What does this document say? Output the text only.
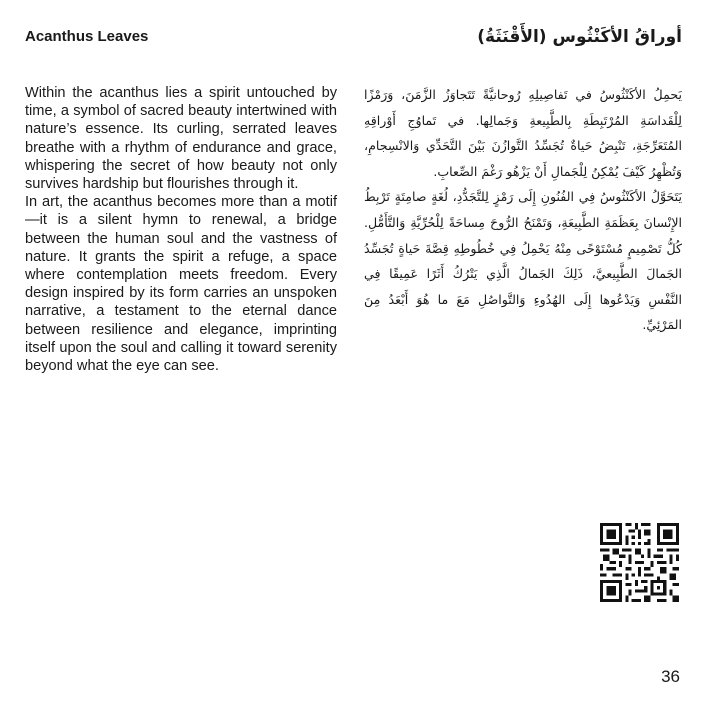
Acanthus Leaves	أوراقُ الأكَنْثُوس (الأَقْنَثَةُ)

Within the acanthus lies a spirit untouched by time, a symbol of sacred beauty intertwined with nature’s essence. Its curling, serrated leaves breathe with a rhythm of endurance and grace, whispering the secret of how beauty not only survives hardship but flourishes through it.

In art, the acanthus becomes more than a motif—it is a silent hymn to renewal, a bridge between the human soul and the vastness of nature. It grants the spirit a refuge, a space where contemplation meets freedom. Every design inspired by its form carries an unspoken narrative, a testament to the eternal dance between resilience and elegance, imprinting itself upon the soul and calling it toward serenity beyond what the eye can see.

يَحمِلُ الأكَنْثُوسُ في تَفاصِيلِهِ رُوحانيَّةً تَتَجاوَزُ الزَّمَنَ، وَرَمْزًا لِلْقَداسَةِ المُرْتَبِطَةِ بِالطَّبِيعةِ وَجَمالِها. في تَماوُجِ أَوْراقِهِ المُتَعَرِّجَةِ، تَنْبِضُ حَياةٌ تُجَسِّدُ التَّوازُنَ بَيْنَ التَّحَدِّي وَالانْسِجامِ، وَتُظْهِرُ كَيْفَ يُمْكِنُ لِلْجَمالِ أَنْ يَزْهُو رَغْمَ الصِّعابِ.

يَتَحَوَّلُ الأكَنْثُوسُ فِي الفُنُونِ إِلَى رَمْزٍ لِلتَّجَدُّدِ، لُغَةٍ صامِتَةٍ تَرْبِطُ الإِنْسانَ بِعَظَمَةِ الطَّبِيعَةِ، وَتَمْنَحُ الرُّوحَ مِساحَةً لِلْحُرِّيَّةِ وَالتَّأَمُّلِ. كُلُّ تَصْمِيمٍ مُسْتَوْحًى مِنْهُ يَحْمِلُ فِي خُطُوطِهِ قِصَّةَ حَياةٍ تُجَسِّدُ الجَمالَ الطَّبِيعيَّ، ذَلِكَ الجَمالُ الَّذِي يَتْرُكُ أَثَرًا عَمِيقًا فِي النَّفْسِ وَيَدْعُوها إِلَى الهُدُوءِ وَالتَّواصُلِ مَعَ ما هُوَ أَبْعَدُ مِنَ المَرْئِيِّ.

36
